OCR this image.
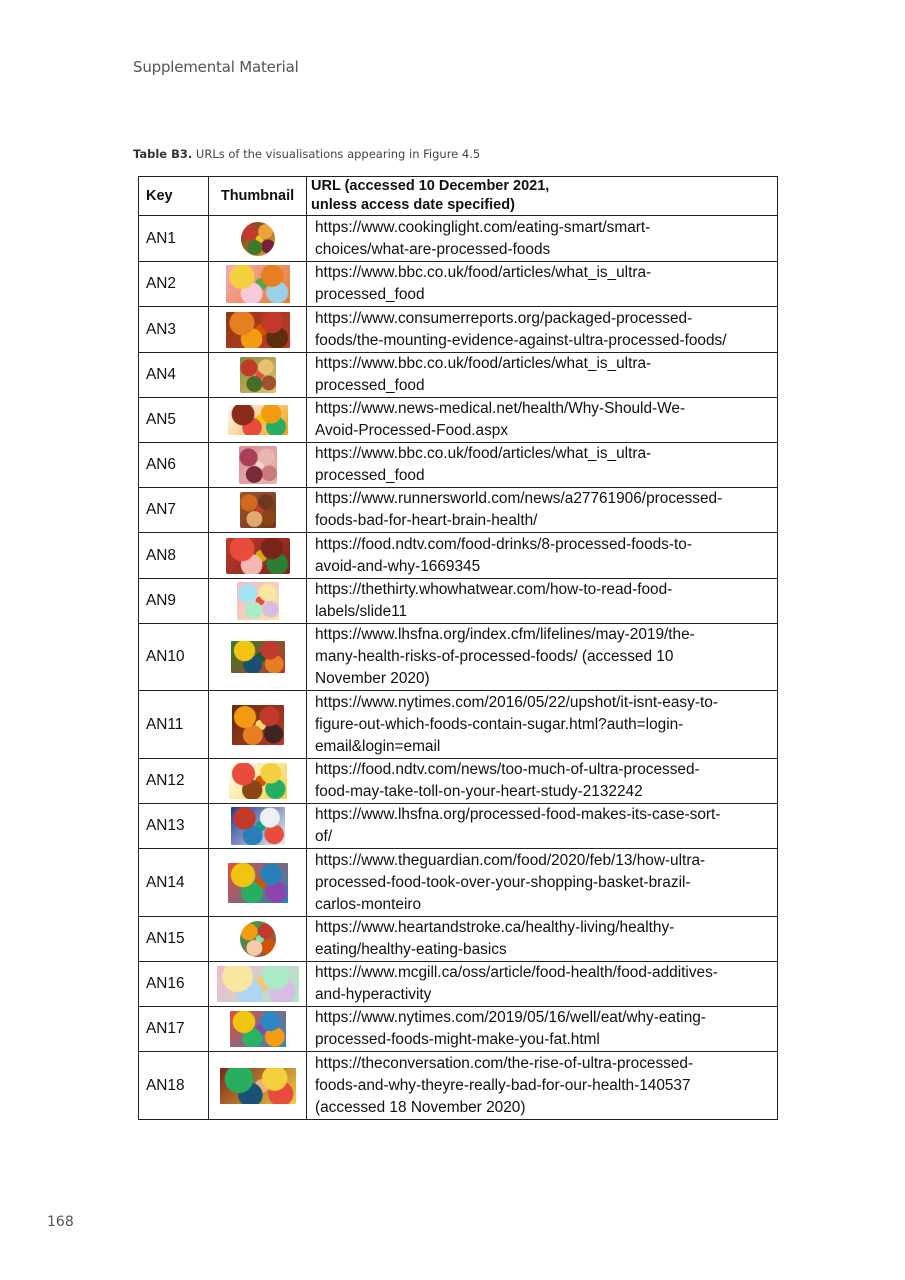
Supplemental Material
Table B3. URLs of the visualisations appearing in Figure 4.5
Key	Thumbnail	URL (accessed 10 December 2021,
unless access date specified)
AN1		https://www.cookinglight.com/eating-smart/smart-
choices/what-are-processed-foods
AN2		https://www.bbc.co.uk/food/articles/what_is_ultra-
processed_food
AN3		https://www.consumerreports.org/packaged-processed-
foods/the-mounting-evidence-against-ultra-processed-foods/
AN4		https://www.bbc.co.uk/food/articles/what_is_ultra-
processed_food
AN5		https://www.news-medical.net/health/Why-Should-We-
Avoid-Processed-Food.aspx
AN6		https://www.bbc.co.uk/food/articles/what_is_ultra-
processed_food
AN7		https://www.runnersworld.com/news/a27761906/processed-
foods-bad-for-heart-brain-health/
AN8		https://food.ndtv.com/food-drinks/8-processed-foods-to-
avoid-and-why-1669345
AN9		https://thethirty.whowhatwear.com/how-to-read-food-
labels/slide11
AN10		https://www.lhsfna.org/index.cfm/lifelines/may-2019/the-
many-health-risks-of-processed-foods/ (accessed 10
November 2020)
AN11		https://www.nytimes.com/2016/05/22/upshot/it-isnt-easy-to-
figure-out-which-foods-contain-sugar.html?auth=login-
email&login=email
AN12		https://food.ndtv.com/news/too-much-of-ultra-processed-
food-may-take-toll-on-your-heart-study-2132242
AN13		https://www.lhsfna.org/processed-food-makes-its-case-sort-
of/
AN14		https://www.theguardian.com/food/2020/feb/13/how-ultra-
processed-food-took-over-your-shopping-basket-brazil-
carlos-monteiro
AN15		https://www.heartandstroke.ca/healthy-living/healthy-
eating/healthy-eating-basics
AN16		https://www.mcgill.ca/oss/article/food-health/food-additives-
and-hyperactivity
AN17		https://www.nytimes.com/2019/05/16/well/eat/why-eating-
processed-foods-might-make-you-fat.html
AN18		https://theconversation.com/the-rise-of-ultra-processed-
foods-and-why-theyre-really-bad-for-our-health-140537
(accessed 18 November 2020)
168
